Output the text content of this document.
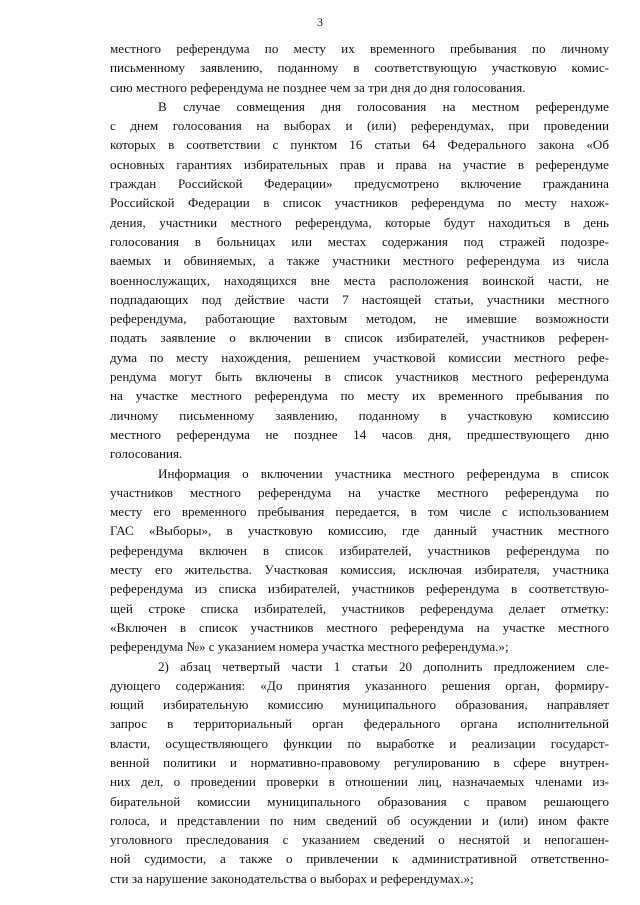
3
местного референдума по месту их временного пребывания по личному
письменному заявлению, поданному в соответствующую участковую комис-
сию местного референдума не позднее чем за три дня до дня голосования.
В случае совмещения дня голосования на местном референдуме
с днем голосования на выборах и (или) референдумах, при проведении
которых в соответствии с пунктом 16 статьи 64 Федерального закона «Об
основных гарантиях избирательных прав и права на участие в референдуме
граждан Российской Федерации» предусмотрено включение гражданина
Российской Федерации в список участников референдума по месту нахож-
дения, участники местного референдума, которые будут находиться в день
голосования в больницах или местах содержания под стражей подозре-
ваемых и обвиняемых, а также участники местного референдума из числа
военнослужащих, находящихся вне места расположения воинской части, не
подпадающих под действие части 7 настоящей статьи, участники местного
референдума, работающие вахтовым методом, не имевшие возможности
подать заявление о включении в список избирателей, участников референ-
дума по месту нахождения, решением участковой комиссии местного рефе-
рендума могут быть включены в список участников местного референдума
на участке местного референдума по месту их временного пребывания по
личному письменному заявлению, поданному в участковую комиссию
местного референдума не позднее 14 часов дня, предшествующего дню
голосования.
Информация о включении участника местного референдума в список
участников местного референдума на участке местного референдума по
месту его временного пребывания передается, в том числе с использованием
ГАС «Выборы», в участковую комиссию, где данный участник местного
референдума включен в список избирателей, участников референдума по
месту его жительства. Участковая комиссия, исключая избирателя, участника
референдума из списка избирателей, участников референдума в соответствую-
щей строке списка избирателей, участников референдума делает отметку:
«Включен в список участников местного референдума на участке местного
референдума №» с указанием номера участка местного референдума.»;
2) абзац четвертый части 1 статьи 20 дополнить предложением сле-
дующего содержания: «До принятия указанного решения орган, формиру-
ющий избирательную комиссию муниципального образования, направляет
запрос в территориальный орган федерального органа исполнительной
власти, осуществляющего функции по выработке и реализации государст-
венной политики и нормативно-правовому регулированию в сфере внутрен-
них дел, о проведении проверки в отношении лиц, назначаемых членами из-
бирательной комиссии муниципального образования с правом решающего
голоса, и представлении по ним сведений об осуждении и (или) ином факте
уголовного преследования с указанием сведений о неснятой и непогашен-
ной судимости, а также о привлечении к административной ответственно-
сти за нарушение законодательства о выборах и референдумах.»;
